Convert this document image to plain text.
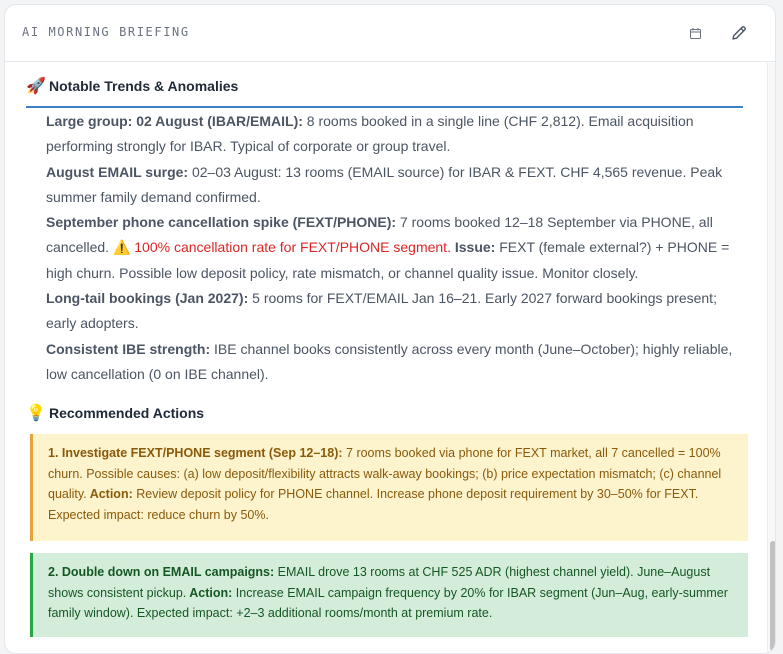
AI MORNING BRIEFING
🚀 Notable Trends & Anomalies

Large group: 02 August (IBAR/EMAIL): 8 rooms booked in a single line (CHF 2,812). Email acquisition performing strongly for IBAR. Typical of corporate or group travel.

August EMAIL surge: 02–03 August: 13 rooms (EMAIL source) for IBAR & FEXT. CHF 4,565 revenue. Peak summer family demand confirmed.

September phone cancellation spike (FEXT/PHONE): 7 rooms booked 12–18 September via PHONE, all cancelled. ⚠️ 100% cancellation rate for FEXT/PHONE segment. Issue: FEXT (female external?) + PHONE = high churn. Possible low deposit policy, rate mismatch, or channel quality issue. Monitor closely.

Long-tail bookings (Jan 2027): 5 rooms for FEXT/EMAIL Jan 16–21. Early 2027 forward bookings present; early adopters.

Consistent IBE strength: IBE channel books consistently across every month (June–October); highly reliable, low cancellation (0 on IBE channel).

💡 Recommended Actions
1. Investigate FEXT/PHONE segment (Sep 12–18): 7 rooms booked via phone for FEXT market, all 7 cancelled = 100% churn. Possible causes: (a) low deposit/flexibility attracts walk-away bookings; (b) price expectation mismatch; (c) channel quality. Action: Review deposit policy for PHONE channel. Increase phone deposit requirement by 30–50% for FEXT. Expected impact: reduce churn by 50%.
2. Double down on EMAIL campaigns: EMAIL drove 13 rooms at CHF 525 ADR (highest channel yield). June–August shows consistent pickup. Action: Increase EMAIL campaign frequency by 20% for IBAR segment (Jun–Aug, early-summer family window). Expected impact: +2–3 additional rooms/month at premium rate.
